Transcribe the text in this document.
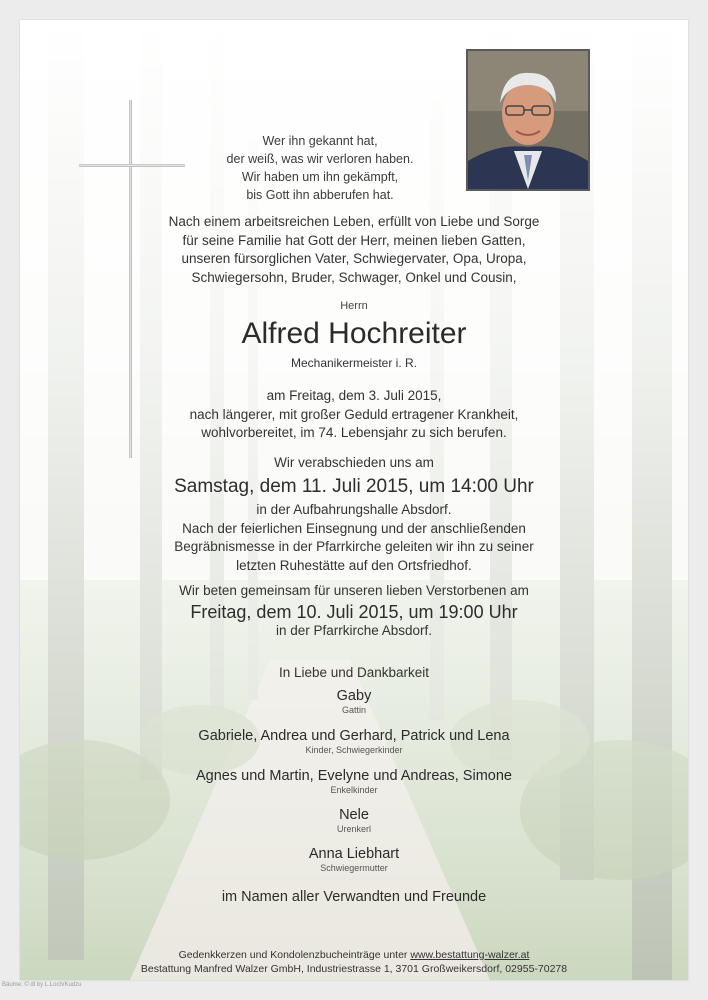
Wer ihn gekannt hat,
der weiß, was wir verloren haben.
Wir haben um ihn gekämpft,
bis Gott ihn abberufen hat.
Nach einem arbeitsreichen Leben, erfüllt von Liebe und Sorge
für seine Familie hat Gott der Herr, meinen lieben Gatten,
unseren fürsorglichen Vater, Schwiegervater, Opa, Uropa,
Schwiegersohn, Bruder, Schwager, Onkel und Cousin,
Herrn
Alfred Hochreiter
Mechanikermeister i. R.
am Freitag, dem 3. Juli 2015,
nach längerer, mit großer Geduld ertragener Krankheit,
wohlvorbereitet, im 74. Lebensjahr zu sich berufen.
Wir verabschieden uns am
Samstag, dem 11. Juli 2015, um 14:00 Uhr
in der Aufbahrungshalle Absdorf.
Nach der feierlichen Einsegnung und der anschließenden
Begräbnismesse in der Pfarrkirche geleiten wir ihn zu seiner
letzten Ruhestätte auf den Ortsfriedhof.
Wir beten gemeinsam für unseren lieben Verstorbenen am
Freitag, dem 10. Juli 2015, um 19:00 Uhr
in der Pfarrkirche Absdorf.
In Liebe und Dankbarkeit
Gaby
Gattin
Gabriele, Andrea und Gerhard, Patrick und Lena
Kinder, Schwiegerkinder
Agnes und Martin, Evelyne und Andreas, Simone
Enkelkinder
Nele
Urenkerl
Anna Liebhart
Schwiegermutter
im Namen aller Verwandten und Freunde
Gedenkkerzen und Kondolenzbucheinträge unter www.bestattung-walzer.at
Bestattung Manfred Walzer GmbH, Industriestrasse 1, 3701 Großweikersdorf, 02955-70278
Bäume: © dl by L.Loch/Kudzu
